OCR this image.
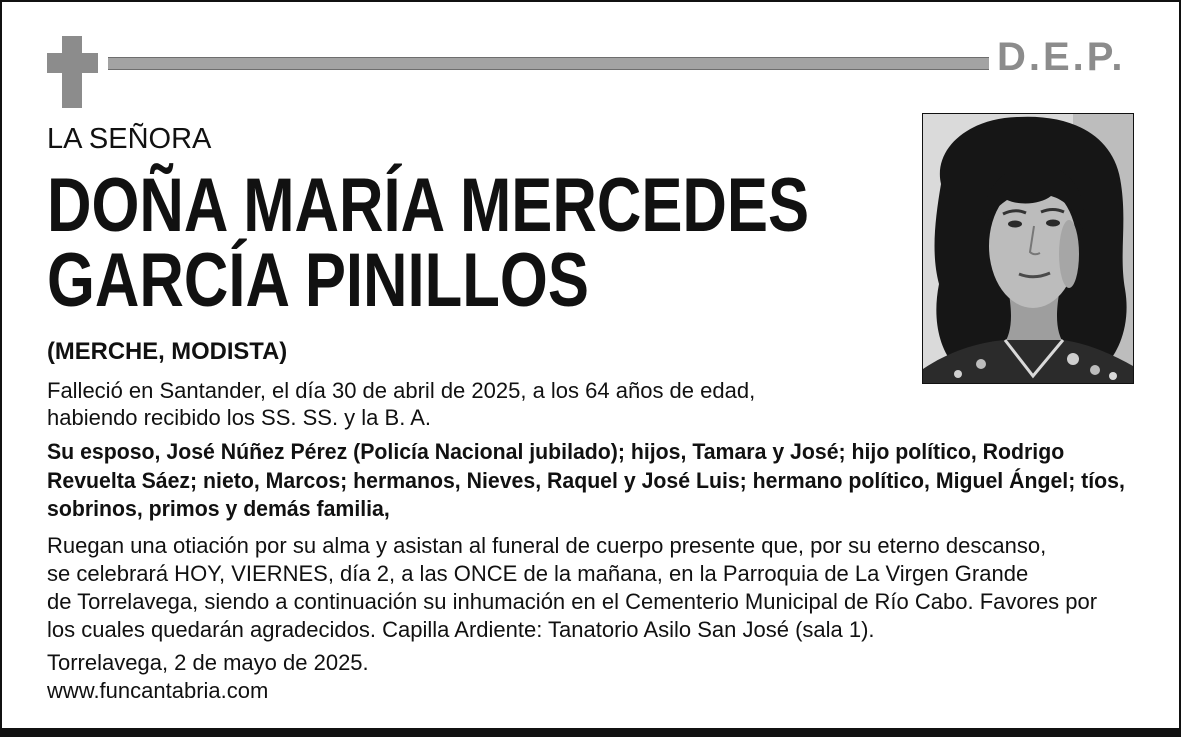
D.E.P.
LA SEÑORA
DOÑA MARÍA MERCEDES
GARCÍA PINILLOS
(MERCHE, MODISTA)
Falleció en Santander, el día 30 de abril de 2025, a los 64 años de edad,
habiendo recibido los SS. SS. y la B. A.
Su esposo, José Núñez Pérez (Policía Nacional jubilado); hijos, Tamara y José; hijo político, Rodrigo
Revuelta Sáez; nieto, Marcos; hermanos, Nieves, Raquel y José Luis; hermano político, Miguel Ángel; tíos,
sobrinos, primos y demás familia,
Ruegan una otiación por su alma y asistan al funeral de cuerpo presente que, por su eterno descanso,
se celebrará HOY, VIERNES, día 2, a las ONCE de la mañana, en la Parroquia de La Virgen Grande
de Torrelavega, siendo a continuación su inhumación en el Cementerio Municipal de Río Cabo. Favores por
los cuales quedarán agradecidos. Capilla Ardiente: Tanatorio Asilo San José (sala 1).
Torrelavega, 2 de mayo de 2025.
www.funcantabria.com
